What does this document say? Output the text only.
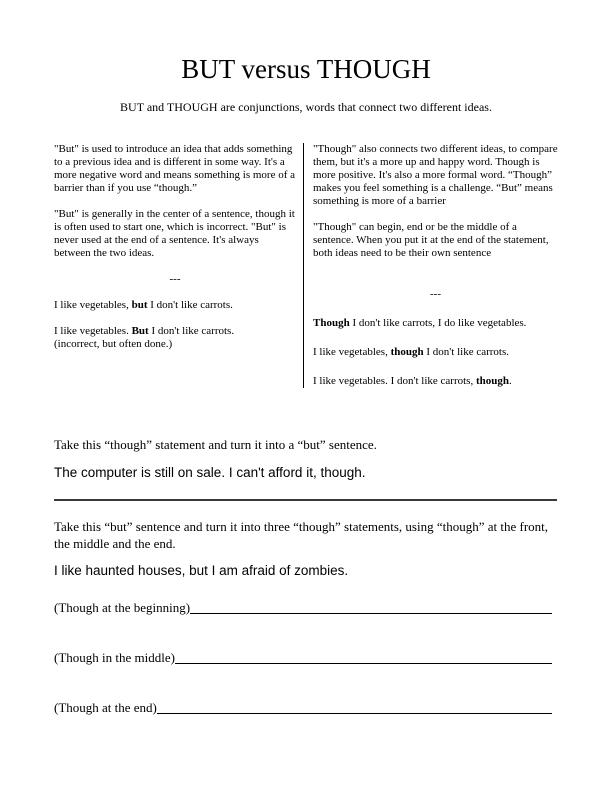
BUT versus THOUGH
BUT and THOUGH are conjunctions, words that connect two different ideas.

"But" is used to introduce an idea that adds something to a previous idea and is different in some way. It's a more negative word and means something is more of a barrier than if you use “though.”

"But" is generally in the center of a sentence, though it is often used to start one, which is incorrect. "But" is never used at the end of a sentence. It's always between the two ideas.

---
I like vegetables, but I don't like carrots.
I like vegetables. But I don't like carrots.
(incorrect, but often done.)

"Though" also connects two different ideas, to compare them, but it's a more up and happy word. Though is more positive. It's also a more formal word. “Though” makes you feel something is a challenge. “But” means something is more of a barrier

"Though" can begin, end or be the middle of a sentence. When you put it at the end of the statement, both ideas need to be their own sentence

---
Though I don't like carrots, I do like vegetables.
I like vegetables, though I don't like carrots.
I like vegetables. I don't like carrots, though.
Take this “though” statement and turn it into a “but” sentence.
The computer is still on sale. I can't afford it, though.
Take this “but” sentence and turn it into three “though” statements, using “though” at the front, the middle and the end.
I like haunted houses, but I am afraid of zombies.
(Though at the beginning)
(Though in the middle)
(Though at the end)
